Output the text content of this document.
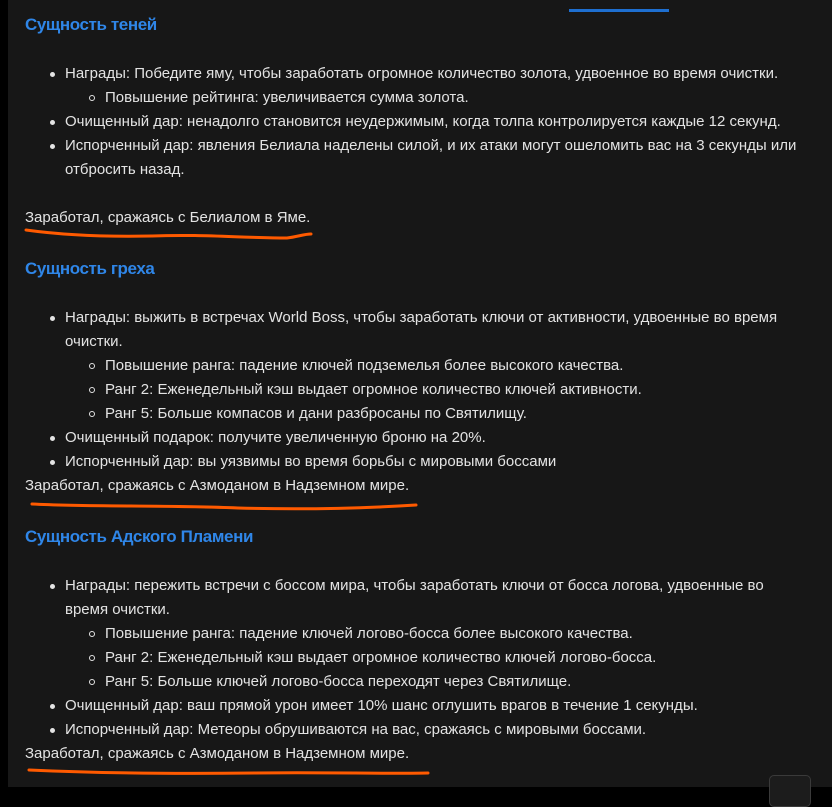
Сущность теней
Награды: Победите яму, чтобы заработать огромное количество золота, удвоенное во время очистки.
Повышение рейтинга: увеличивается сумма золота.
Очищенный дар: ненадолго становится неудержимым, когда толпа контролируется каждые 12 секунд.
Испорченный дар: явления Белиала наделены силой, и их атаки могут ошеломить вас на 3 секунды или отбросить назад.
Заработал, сражаясь с Белиалом в Яме.
Сущность греха
Награды: выжить в встречах World Boss, чтобы заработать ключи от активности, удвоенные во время очистки.
Повышение ранга: падение ключей подземелья более высокого качества.
Ранг 2: Еженедельный кэш выдает огромное количество ключей активности.
Ранг 5: Больше компасов и дани разбросаны по Святилищу.
Очищенный подарок: получите увеличенную броню на 20%.
Испорченный дар: вы уязвимы во время борьбы с мировыми боссами
Заработал, сражаясь с Азмоданом в Надземном мире.
Сущность Адского Пламени
Награды: пережить встречи с боссом мира, чтобы заработать ключи от босса логова, удвоенные во время очистки.
Повышение ранга: падение ключей логово-босса более высокого качества.
Ранг 2: Еженедельный кэш выдает огромное количество ключей логово-босса.
Ранг 5: Больше ключей логово-босса переходят через Святилище.
Очищенный дар: ваш прямой урон имеет 10% шанс оглушить врагов в течение 1 секунды.
Испорченный дар: Метеоры обрушиваются на вас, сражаясь с мировыми боссами.
Заработал, сражаясь с Азмоданом в Надземном мире.
